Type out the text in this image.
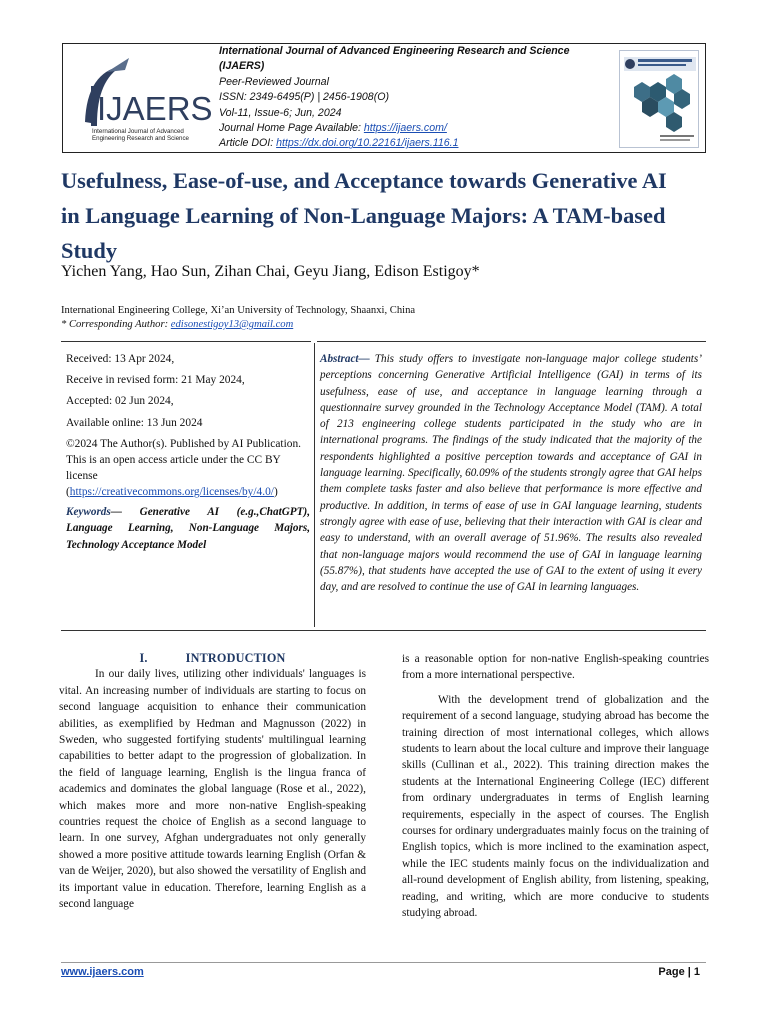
IJAERS
International Journal of Advanced Engineering Research and Science
International Journal of Advanced Engineering Research and Science
(IJAERS)
Peer-Reviewed Journal
ISSN: 2349-6495(P) | 2456-1908(O)
Vol-11, Issue-6; Jun, 2024
Journal Home Page Available: https://ijaers.com/
Article DOI: https://dx.doi.org/10.22161/ijaers.116.1
Usefulness, Ease-of-use, and Acceptance towards Generative AI in Language Learning of Non-Language Majors: A TAM-based Study
Yichen Yang, Hao Sun, Zihan Chai, Geyu Jiang, Edison Estigoy*
International Engineering College, Xi’an University of Technology, Shaanxi, China
* Corresponding Author: edisonestigoy13@gmail.com
Received: 13 Apr 2024,
Receive in revised form: 21 May 2024,
Accepted: 02 Jun 2024,
Available online: 13 Jun 2024
©2024 The Author(s). Published by AI Publication. This is an open access article under the CC BY license (https://creativecommons.org/licenses/by/4.0/)
Keywords— Generative AI (e.g.,ChatGPT), Language Learning, Non-Language Majors, Technology Acceptance Model
Abstract— This study offers to investigate non-language major college students’ perceptions concerning Generative Artificial Intelligence (GAI) in terms of its usefulness, ease of use, and acceptance in language learning through a questionnaire survey grounded in the Technology Acceptance Model (TAM). A total of 213 engineering college students participated in the study who are in international programs. The findings of the study indicated that the majority of the respondents highlighted a positive perception towards and acceptance of GAI in language learning. Specifically, 60.09% of the students strongly agree that GAI helps them complete tasks faster and also believe that performance is more effective and productive. In addition, in terms of ease of use in GAI language learning, students strongly agree with ease of use, believing that their interaction with GAI is clear and easy to understand, with an overall average of 51.96%. The results also revealed that non-language majors would recommend the use of GAI in language learning (55.87%), that students have accepted the use of GAI to the extent of using it every day, and are resolved to continue the use of GAI in learning languages.
I.	INTRODUCTION

In our daily lives, utilizing other individuals' languages is vital. An increasing number of individuals are starting to focus on second language acquisition to enhance their communication abilities, as exemplified by Hedman and Magnusson (2022) in Sweden, who suggested fortifying students' multilingual learning capabilities to better adapt to the progression of globalization. In the field of language learning, English is the lingua franca of academics and dominates the global language (Rose et al., 2022), which makes more and more non-native English-speaking countries request the choice of English as a second language to learn. In one survey, Afghan undergraduates not only generally showed a more positive attitude towards learning English (Orfan & van de Weijer, 2020), but also showed the versatility of English and its important value in education. Therefore, learning English as a second language

is a reasonable option for non-native English-speaking countries from a more international perspective.

With the development trend of globalization and the requirement of a second language, studying abroad has become the training direction of most international colleges, which allows students to learn about the local culture and improve their language skills (Cullinan et al., 2022). This training direction makes the students at the International Engineering College (IEC) different from ordinary undergraduates in terms of English learning requirements, especially in the aspect of courses. The English courses for ordinary undergraduates mainly focus on the training of English topics, which is more inclined to the examination aspect, while the IEC students mainly focus on the individualization and all-round development of English ability, from listening, speaking, reading, and writing, which are more conducive to students studying abroad.

www.ijaers.com	Page | 1
